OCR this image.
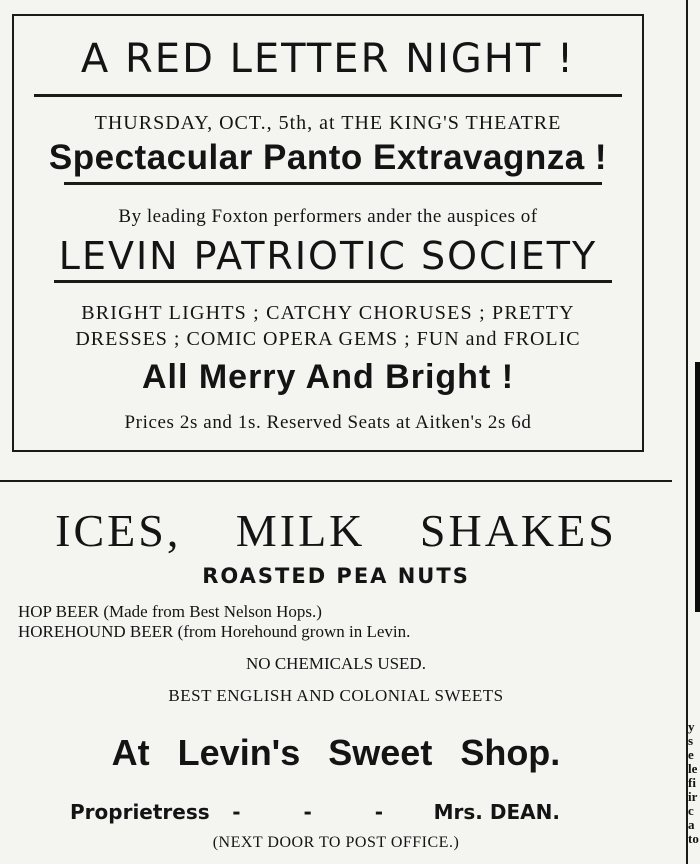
A RED LETTER NIGHT !
THURSDAY, OCT., 5th, at THE KING'S THEATRE
Spectacular Panto Extravagnza !
By leading Foxton performers ander the auspices of
LEVIN PATRIOTIC SOCIETY
BRIGHT LIGHTS ; CATCHY CHORUSES ; PRETTY
DRESSES ; COMIC OPERA GEMS ; FUN and FROLIC
All Merry And Bright !
Prices 2s and 1s. Reserved Seats at Aitken's 2s 6d
ICES, MILK SHAKES
ROASTED PEA NUTS
HOP BEER (Made from Best Nelson Hops.)
HOREHOUND BEER (from Horehound grown in Levin.
NO CHEMICALS USED.
BEST ENGLISH AND COLONIAL SWEETS
At Levin's Sweet Shop.
Proprietress - - - Mrs. DEAN.
(NEXT DOOR TO POST OFFICE.)
y
s
e
le
fi
ir
c
a
to
